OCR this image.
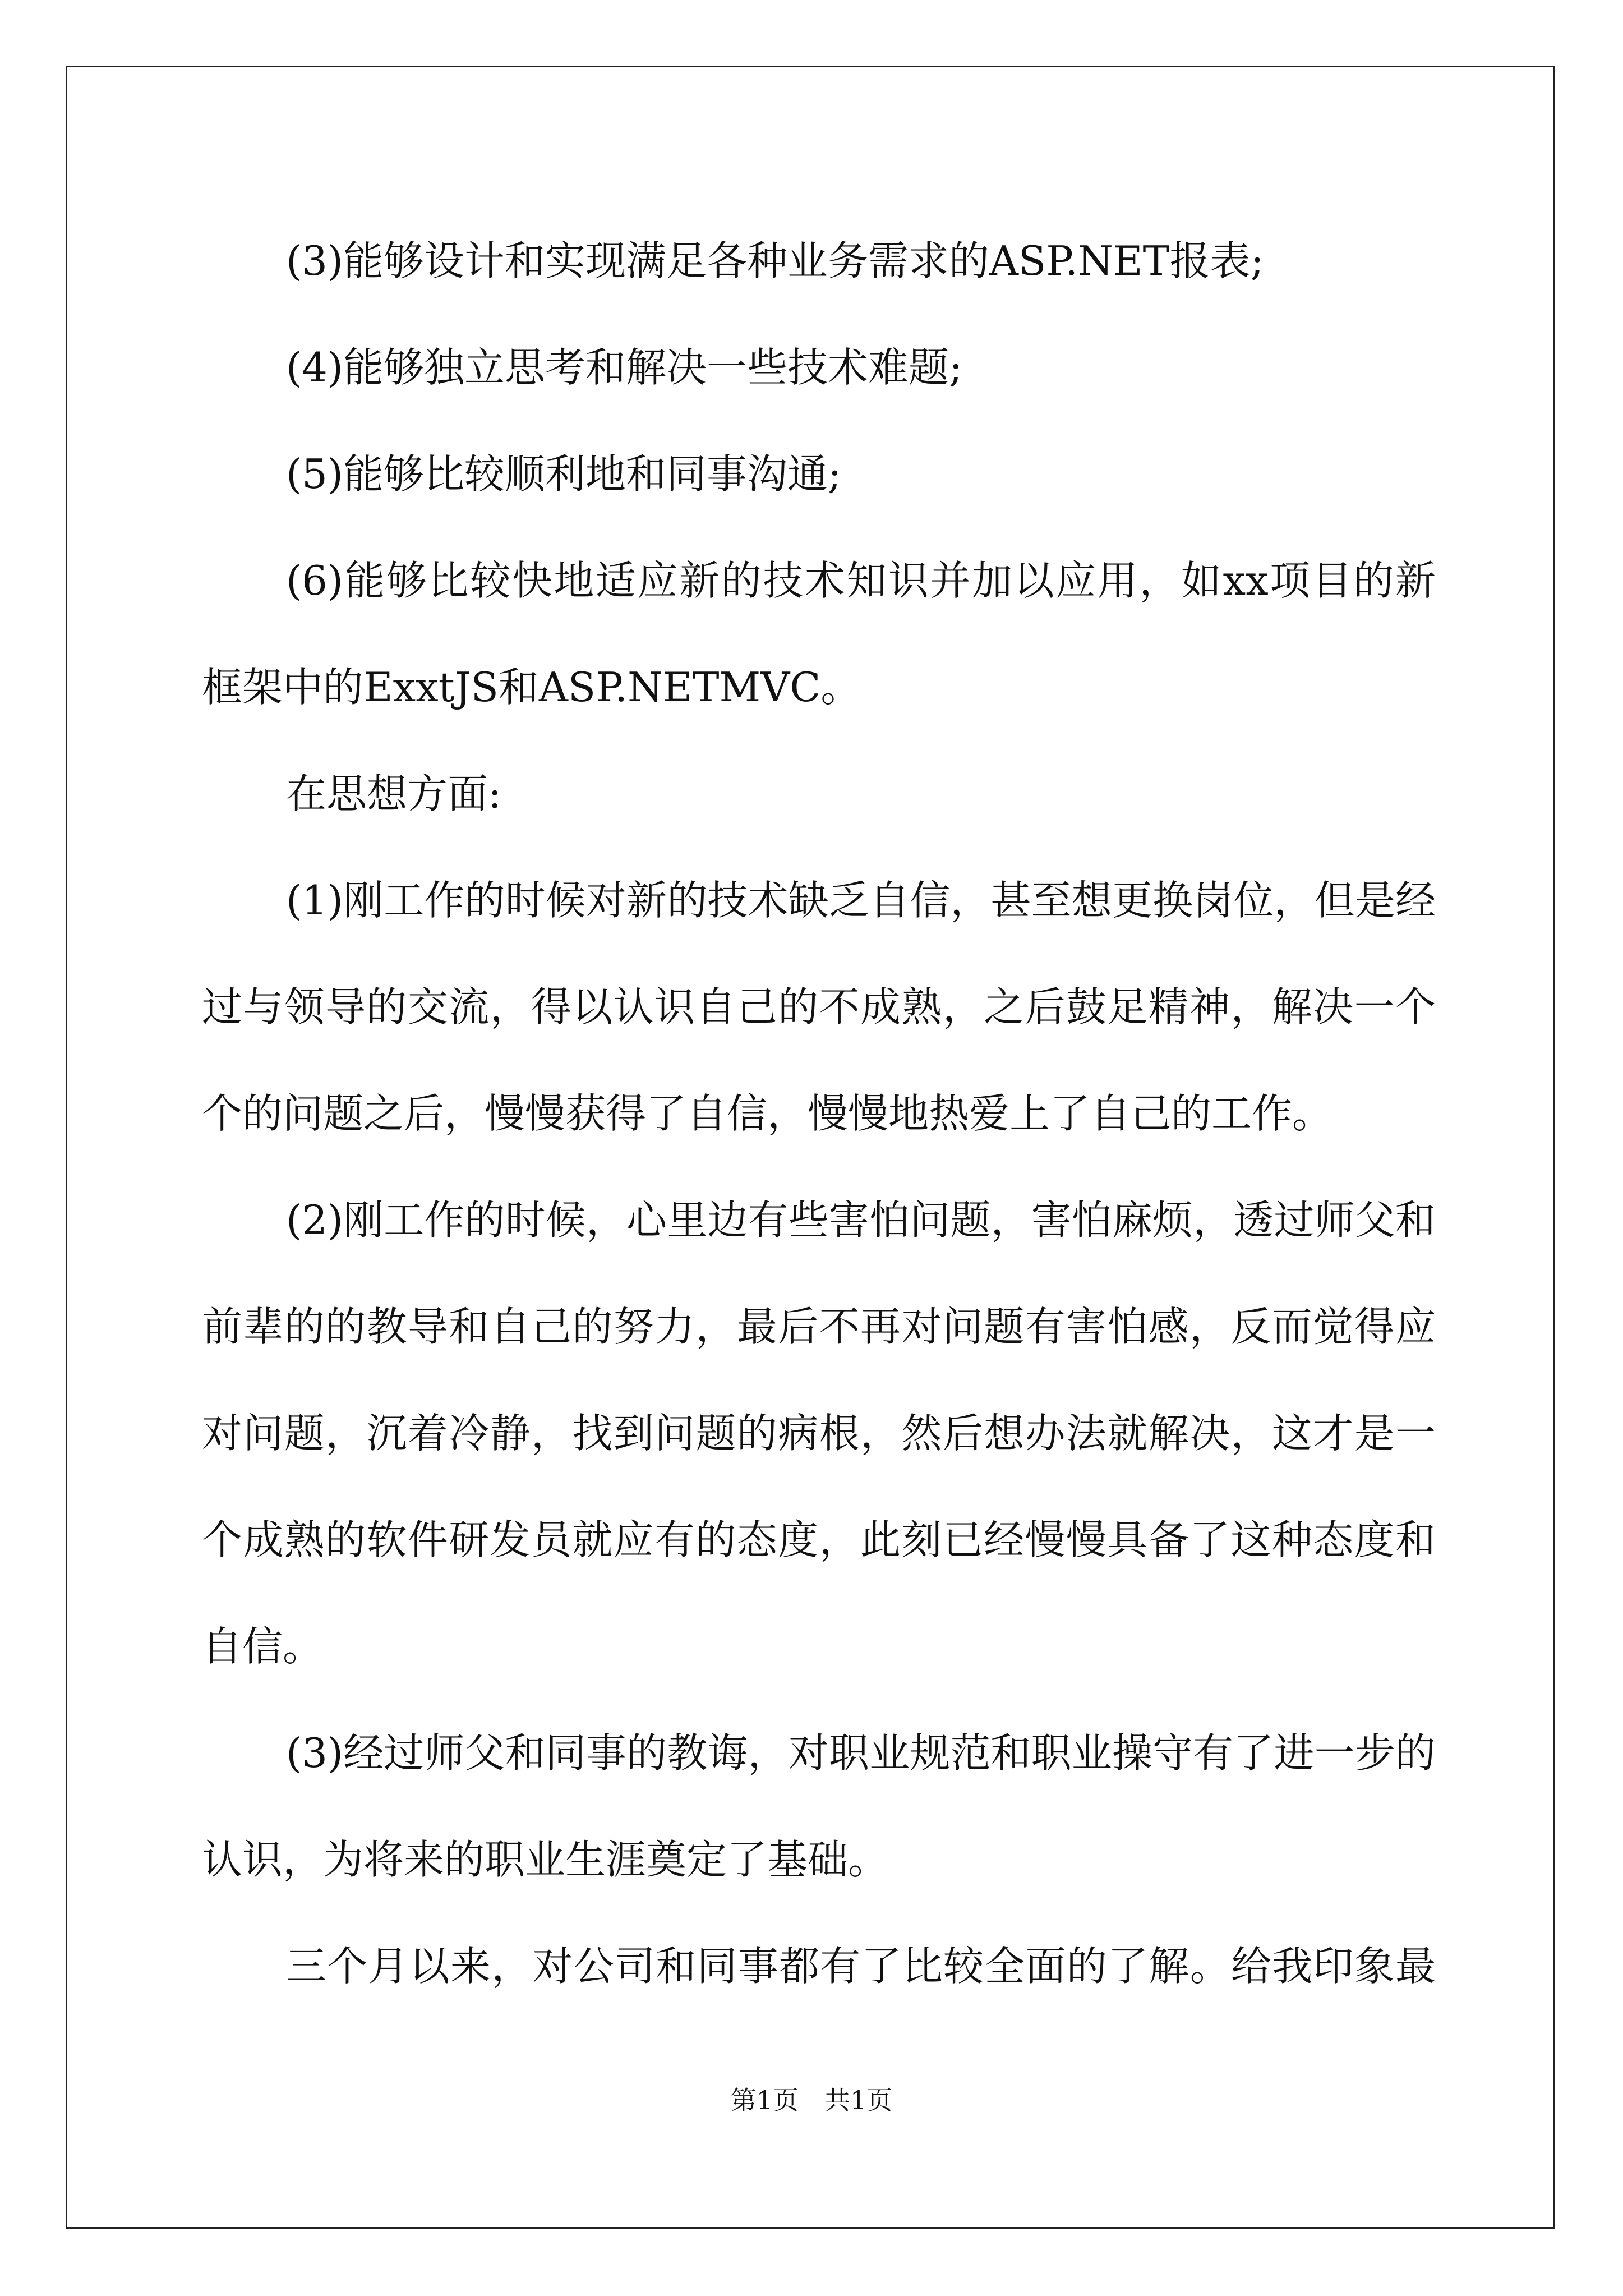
(3)能够设计和实现满足各种业务需求的ASP.NET报表;
(4)能够独立思考和解决一些技术难题;
(5)能够比较顺利地和同事沟通;
(6)能够比较快地适应新的技术知识并加以应用，如xx项目的新
框架中的ExxtJS和ASP.NETMVC。
在思想方面:
(1)刚工作的时候对新的技术缺乏自信，甚至想更换岗位，但是经
过与领导的交流，得以认识自己的不成熟，之后鼓足精神，解决一个
个的问题之后，慢慢获得了自信，慢慢地热爱上了自己的工作。
(2)刚工作的时候，心里边有些害怕问题，害怕麻烦，透过师父和
前辈的的教导和自己的努力，最后不再对问题有害怕感，反而觉得应
对问题，沉着冷静，找到问题的病根，然后想办法就解决，这才是一
个成熟的软件研发员就应有的态度，此刻已经慢慢具备了这种态度和
自信。
(3)经过师父和同事的教诲，对职业规范和职业操守有了进一步的
认识，为将来的职业生涯奠定了基础。
三个月以来，对公司和同事都有了比较全面的了解。给我印象最
第1页　共1页
